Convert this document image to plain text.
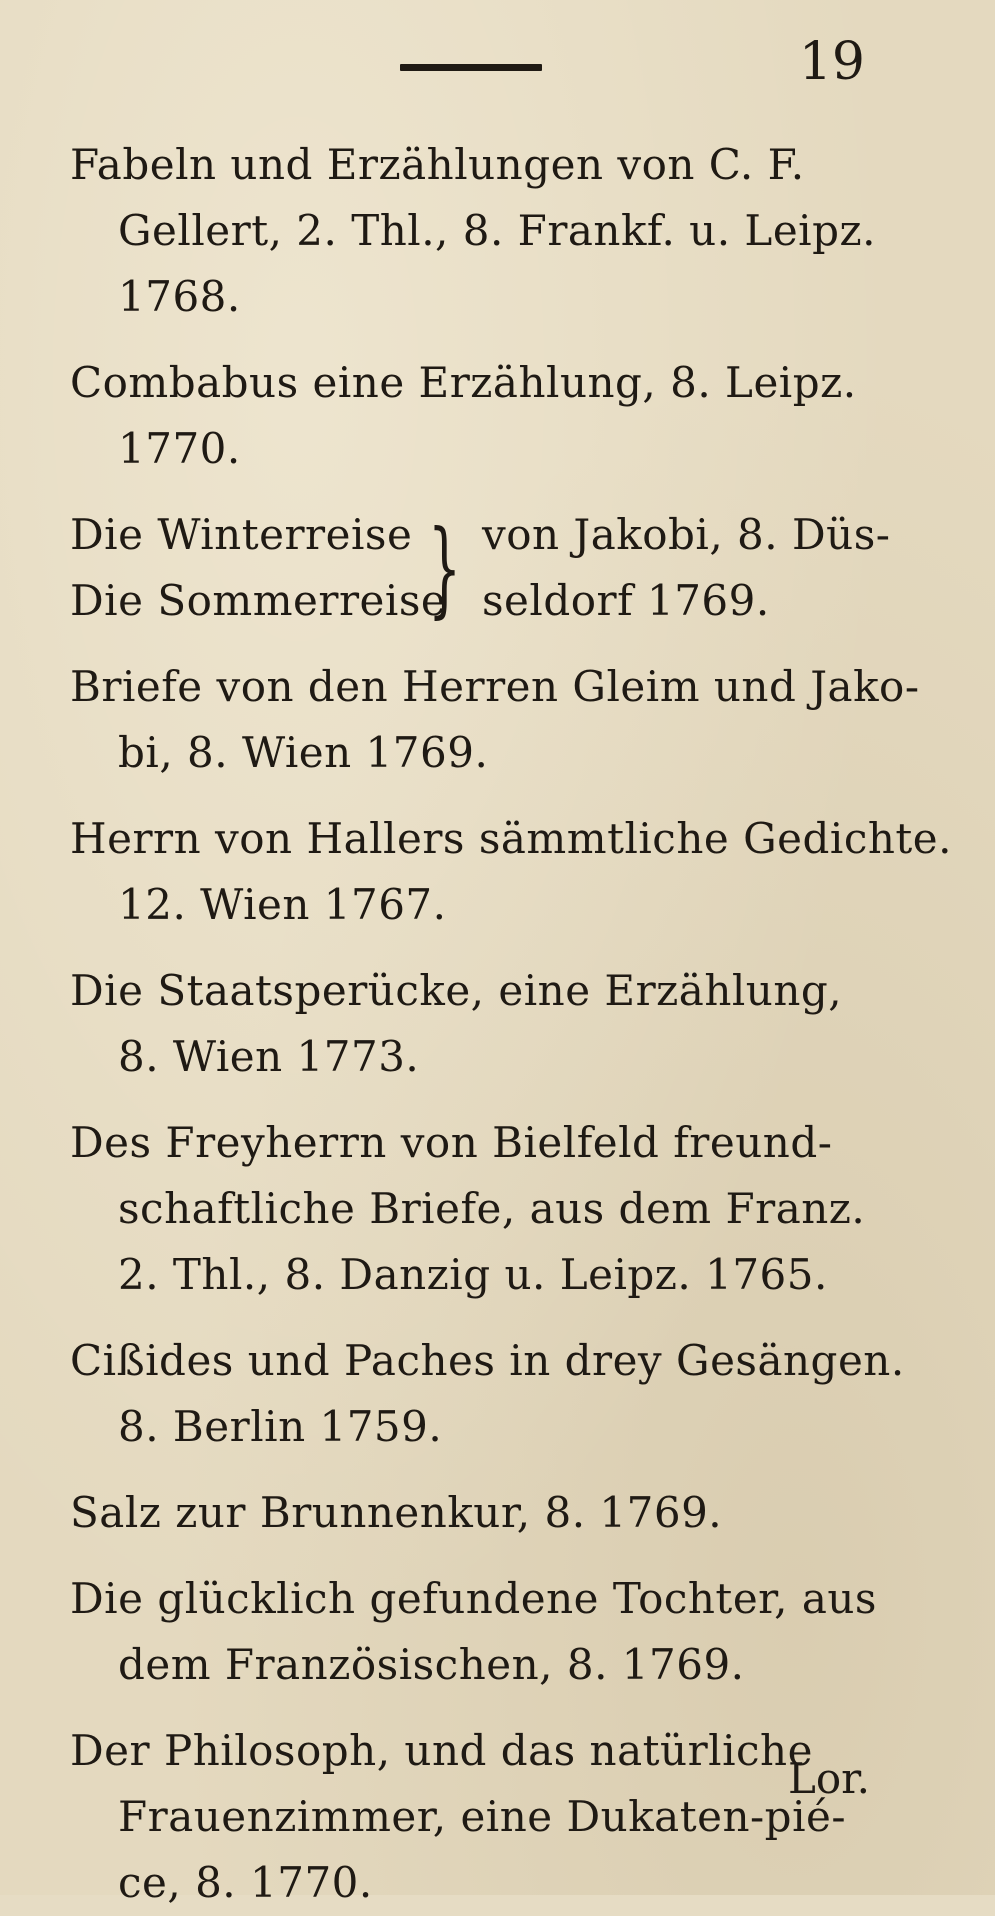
19

Fabeln und Erzählungen von C. F.
Gellert, 2. Thl., 8. Frankf. u. Leipz.
1768.

Combabus eine Erzählung, 8. Leipz.
1770.

Die Winterreise
Die Sommerreise
} von Jakobi, 8. Düs-
seldorf 1769.

Briefe von den Herren Gleim und Jako-
bi, 8. Wien 1769.

Herrn von Hallers sämmtliche Gedichte.
12. Wien 1767.

Die Staatsperücke, eine Erzählung,
8. Wien 1773.

Des Freyherrn von Bielfeld freund-
schaftliche Briefe, aus dem Franz.
2. Thl., 8. Danzig u. Leipz. 1765.

Cißides und Paches in drey Gesängen.
8. Berlin 1759.

Salz zur Brunnenkur, 8. 1769.

Die glücklich gefundene Tochter, aus
dem Französischen, 8. 1769.

Der Philosoph, und das natürliche
Frauenzimmer, eine Dukaten-pié-
ce, 8. 1770.

Lor.
